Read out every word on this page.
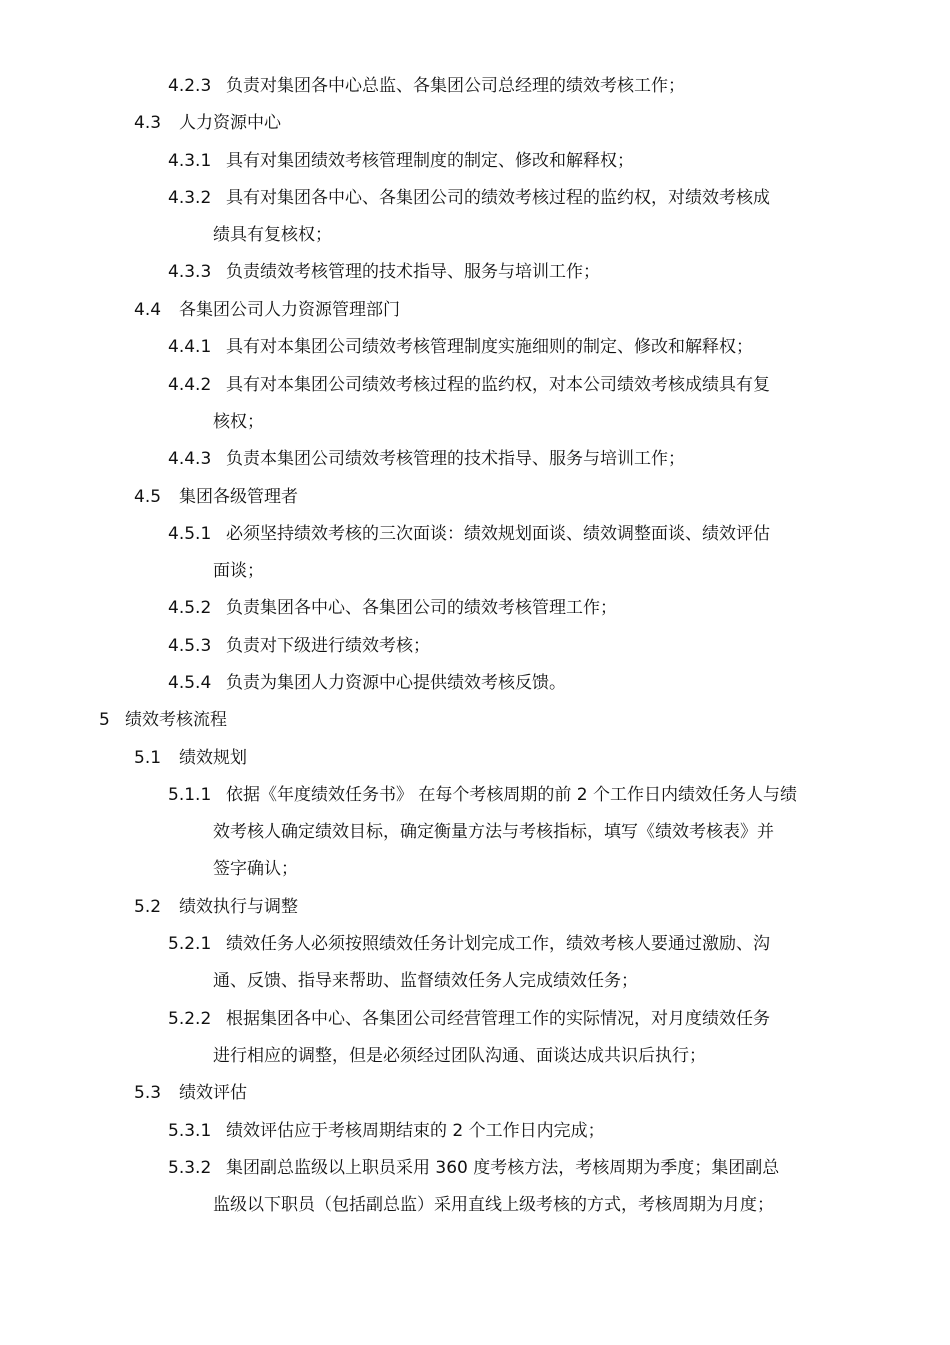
4.2.3 负责对集团各中心总监、各集团公司总经理的绩效考核工作；
4.3 人力资源中心
4.3.1 具有对集团绩效考核管理制度的制定、修改和解释权；
4.3.2 具有对集团各中心、各集团公司的绩效考核过程的监约权，对绩效考核成
绩具有复核权；
4.3.3 负责绩效考核管理的技术指导、服务与培训工作；
4.4 各集团公司人力资源管理部门
4.4.1 具有对本集团公司绩效考核管理制度实施细则的制定、修改和解释权；
4.4.2 具有对本集团公司绩效考核过程的监约权，对本公司绩效考核成绩具有复
核权；
4.4.3 负责本集团公司绩效考核管理的技术指导、服务与培训工作；
4.5 集团各级管理者
4.5.1 必须坚持绩效考核的三次面谈：绩效规划面谈、绩效调整面谈、绩效评估
面谈；
4.5.2 负责集团各中心、各集团公司的绩效考核管理工作；
4.5.3 负责对下级进行绩效考核；
4.5.4 负责为集团人力资源中心提供绩效考核反馈。
5 绩效考核流程
5.1 绩效规划
5.1.1 依据《年度绩效任务书》 在每个考核周期的前 2 个工作日内绩效任务人与绩
效考核人确定绩效目标，确定衡量方法与考核指标，填写《绩效考核表》并
签字确认；
5.2 绩效执行与调整
5.2.1 绩效任务人必须按照绩效任务计划完成工作，绩效考核人要通过激励、沟
通、反馈、指导来帮助、监督绩效任务人完成绩效任务；
5.2.2 根据集团各中心、各集团公司经营管理工作的实际情况，对月度绩效任务
进行相应的调整，但是必须经过团队沟通、面谈达成共识后执行；
5.3 绩效评估
5.3.1 绩效评估应于考核周期结束的 2 个工作日内完成；
5.3.2 集团副总监级以上职员采用 360 度考核方法，考核周期为季度；集团副总
监级以下职员（包括副总监）采用直线上级考核的方式，考核周期为月度；
